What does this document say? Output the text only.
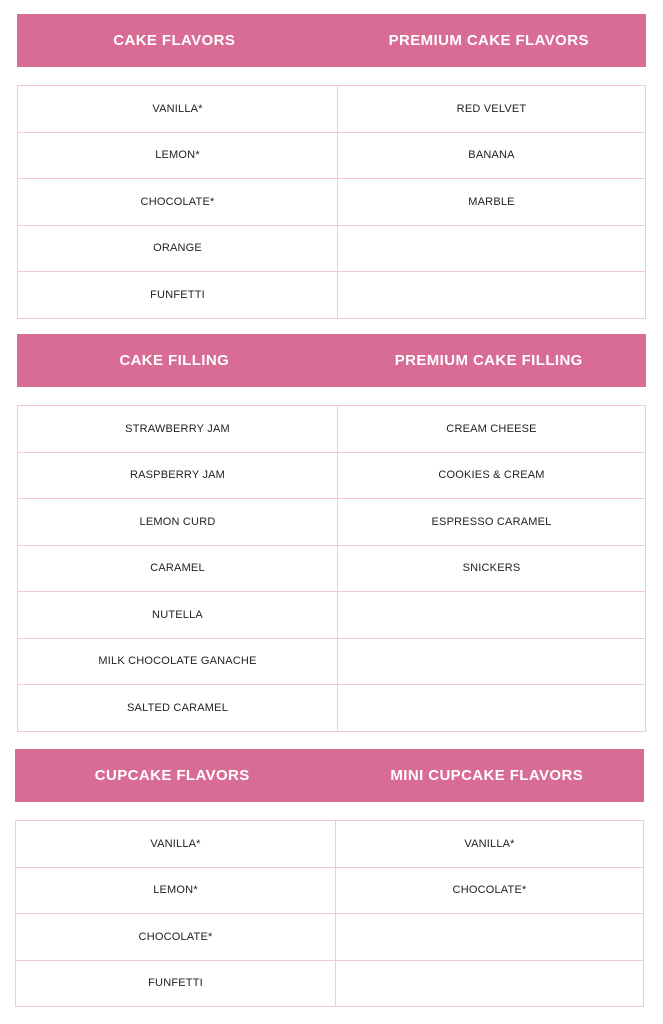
CAKE FLAVORS	PREMIUM CAKE FLAVORS
VANILLA*	RED VELVET
LEMON*	BANANA
CHOCOLATE*	MARBLE
ORANGE	
FUNFETTI	
CAKE FILLING	PREMIUM CAKE FILLING
STRAWBERRY JAM	CREAM CHEESE
RASPBERRY JAM	COOKIES & CREAM
LEMON CURD	ESPRESSO CARAMEL
CARAMEL	SNICKERS
NUTELLA	
MILK CHOCOLATE GANACHE	
SALTED CARAMEL	
CUPCAKE FLAVORS	MINI CUPCAKE FLAVORS
VANILLA*	VANILLA*
LEMON*	CHOCOLATE*
CHOCOLATE*	
FUNFETTI	
